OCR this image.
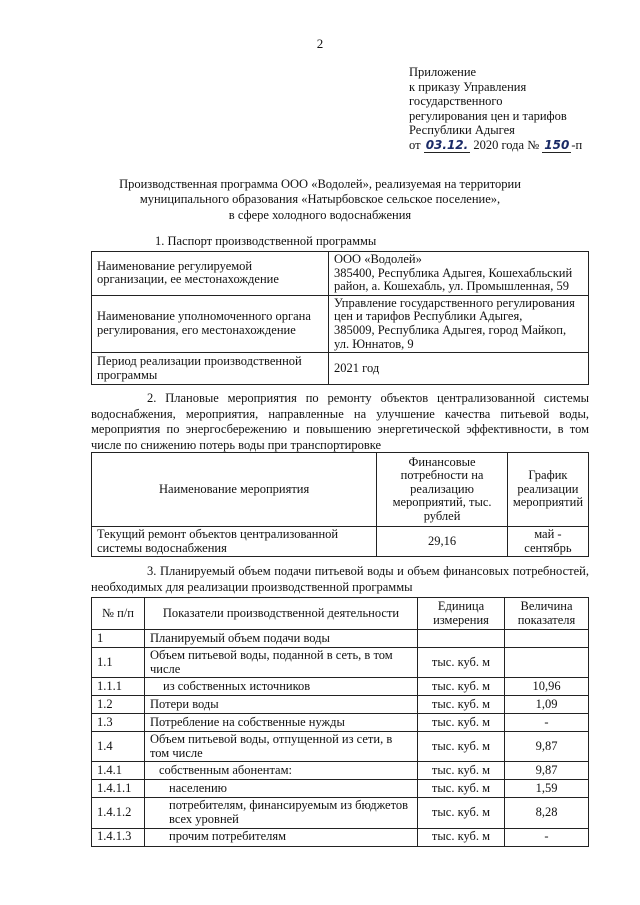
2
Приложение
к приказу Управления
государственного
регулирования цен и тарифов
Республики Адыгея
от 03.12. 2020 года № 150 -п
Производственная программа ООО «Водолей», реализуемая на территории
муниципального образования «Натырбовское сельское поселение»,
в сфере холодного водоснабжения
1. Паспорт производственной программы
Наименование регулируемой организации, ее местонахождение	ООО «Водолей»
385400, Республика Адыгея, Кошехабльский район, а. Кошехабль, ул. Промышленная, 59
Наименование уполномоченного органа регулирования, его местонахождение	Управление государственного регулирования цен и тарифов Республики Адыгея,
385009, Республика Адыгея, город Майкоп, ул. Юннатов, 9
Период реализации производственной программы	2021 год
2. Плановые мероприятия по ремонту объектов централизованной системы водоснабжения, мероприятия, направленные на улучшение качества питьевой воды, мероприятия по энергосбережению и повышению энергетической эффективности, в том числе по снижению потерь воды при транспортировке
Наименование мероприятия	Финансовые потребности на реализацию мероприятий, тыс. рублей	График реализации мероприятий
Текущий ремонт объектов централизованной системы водоснабжения	29,16	май - сентябрь
3. Планируемый объем подачи питьевой воды и объем финансовых потребностей, необходимых для реализации производственной программы
№ п/п	Показатели производственной деятельности	Единица измерения	Величина показателя
1	Планируемый объем подачи воды		
1.1	Объем питьевой воды, поданной в сеть, в том числе	тыс. куб. м	
1.1.1	из собственных источников	тыс. куб. м	10,96
1.2	Потери воды	тыс. куб. м	1,09
1.3	Потребление на собственные нужды	тыс. куб. м	-
1.4	Объем питьевой воды, отпущенной из сети, в том числе	тыс. куб. м	9,87
1.4.1	собственным абонентам:	тыс. куб. м	9,87
1.4.1.1	населению	тыс. куб. м	1,59
1.4.1.2	потребителям, финансируемым из бюджетов всех уровней	тыс. куб. м	8,28
1.4.1.3	прочим потребителям	тыс. куб. м	-
